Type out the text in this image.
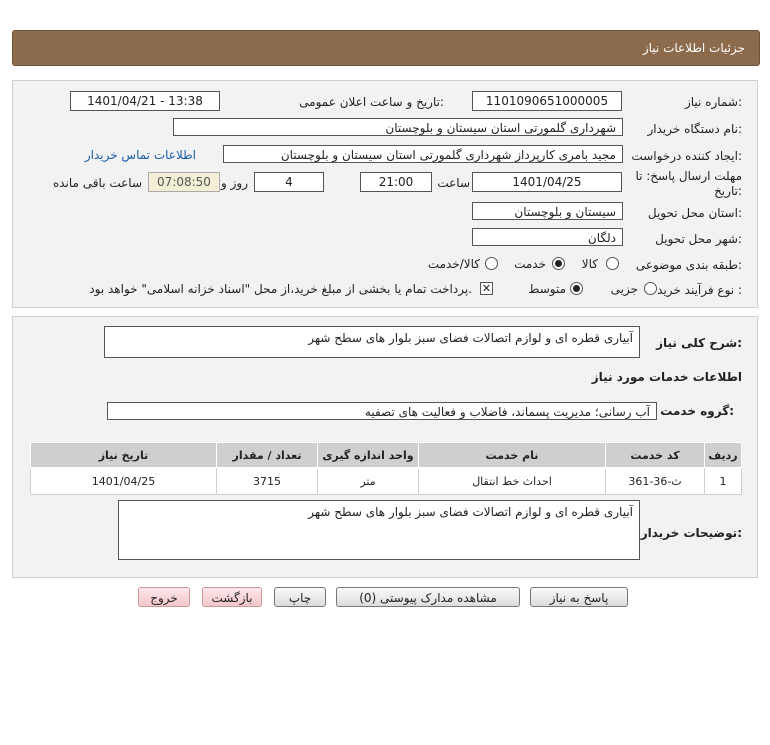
جزئیات اطلاعات نیاز
شماره نیاز:
1101090651000005
تاریخ و ساعت اعلان عمومی:
1401/04/21 - 13:38
نام دستگاه خریدار:
شهرداری گلمورتی استان سیستان و بلوچستان
ایجاد کننده درخواست:
مجید بامری کارپرداز شهرداری گلمورتی استان سیستان و بلوچستان
اطلاعات تماس خریدار
مهلت ارسال پاسخ: تا
تاریخ:
1401/04/25
ساعت
21:00
4
روز و
07:08:50
ساعت باقی مانده
استان محل تحویل:
سیستان و بلوچستان
شهر محل تحویل:
دلگان
طبقه بندی موضوعی:
کالا
خدمت
کالا/خدمت
نوع فرآیند خرید :
جزیی
متوسط
✕
پرداخت تمام یا بخشی از مبلغ خرید،از محل "اسناد خزانه اسلامی" خواهد بود.
شرح کلی نیاز:
آبیاری قطره ای و لوازم اتصالات فضای سبز بلوار های سطح شهر
اطلاعات خدمات مورد نیاز
گروه خدمت:
آب رسانی؛ مدیریت پسماند، فاضلاب و فعالیت های تصفیه
ردیف	کد خدمت	نام خدمت	واحد اندازه گیری	تعداد / مقدار	تاریخ نیاز
1	ث-36-361	احداث خط انتقال	متر	3715	1401/04/25
توضیحات خریدار:
آبیاری قطره ای و لوازم اتصالات فضای سبز بلوار های سطح شهر
پاسخ به نیاز
مشاهده مدارک پیوستی (0)
چاپ
بازگشت
خروج
